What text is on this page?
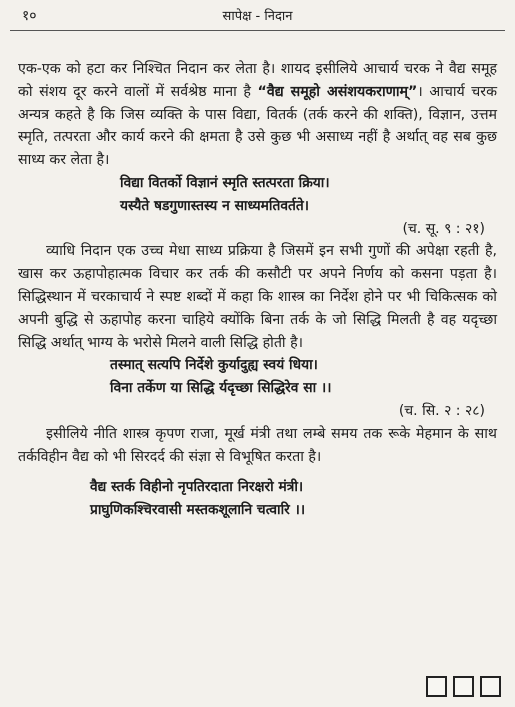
१०	सापेक्ष - निदान

एक-एक को हटा कर निश्चित निदान कर लेता है। शायद इसीलिये आचार्य चरक ने वैद्य समूह को संशय दूर करने वालों में सर्वश्रेष्ठ माना है “वैद्य समूहो असंशयकराणाम्”। आचार्य चरक अन्यत्र कहते है कि जिस व्यक्ति के पास विद्या, वितर्क (तर्क करने की शक्ति), विज्ञान, उत्तम स्मृति, तत्परता और कार्य करने की क्षमता है उसे कुछ भी असाध्य नहीं है अर्थात् वह सब कुछ साध्य कर लेता है।

विद्या वितर्को विज्ञानं स्मृति स्तत्परता क्रिया।

यस्यैते षडगुणास्तस्य न साध्यमतिवर्तते।

(च. सू. ९ : २१)

व्याधि निदान एक उच्च मेधा साध्य प्रक्रिया है जिसमें इन सभी गुणों की अपेक्षा रहती है, खास कर ऊहापोहात्मक विचार कर तर्क की कसौटी पर अपने निर्णय को कसना पड़ता है। सिद्धिस्थान में चरकाचार्य ने स्पष्ट शब्दों में कहा कि शास्त्र का निर्देश होने पर भी चिकित्सक को अपनी बुद्धि से ऊहापोह करना चाहिये क्योंकि बिना तर्क के जो सिद्धि मिलती है वह यदृच्छा सिद्धि अर्थात् भाग्य के भरोसे मिलने वाली सिद्धि होती है।

तस्मात् सत्यपि निर्देशे कुर्यादुह्य स्वयं धिया।

विना तर्केण या सिद्धि र्यदृच्छा सिद्धिरेव सा ।।

(च. सि. २ : २८)

इसीलिये नीति शास्त्र कृपण राजा, मूर्ख मंत्री तथा लम्बे समय तक रूके मेहमान के साथ तर्कविहीन वैद्य को भी सिरदर्द की संज्ञा से विभूषित करता है।

वैद्य स्तर्क विहीनो नृपतिरदाता निरक्षरो मंत्री।

प्राघुणिकश्चिरवासी मस्तकशूलानि चत्वारि ।।
